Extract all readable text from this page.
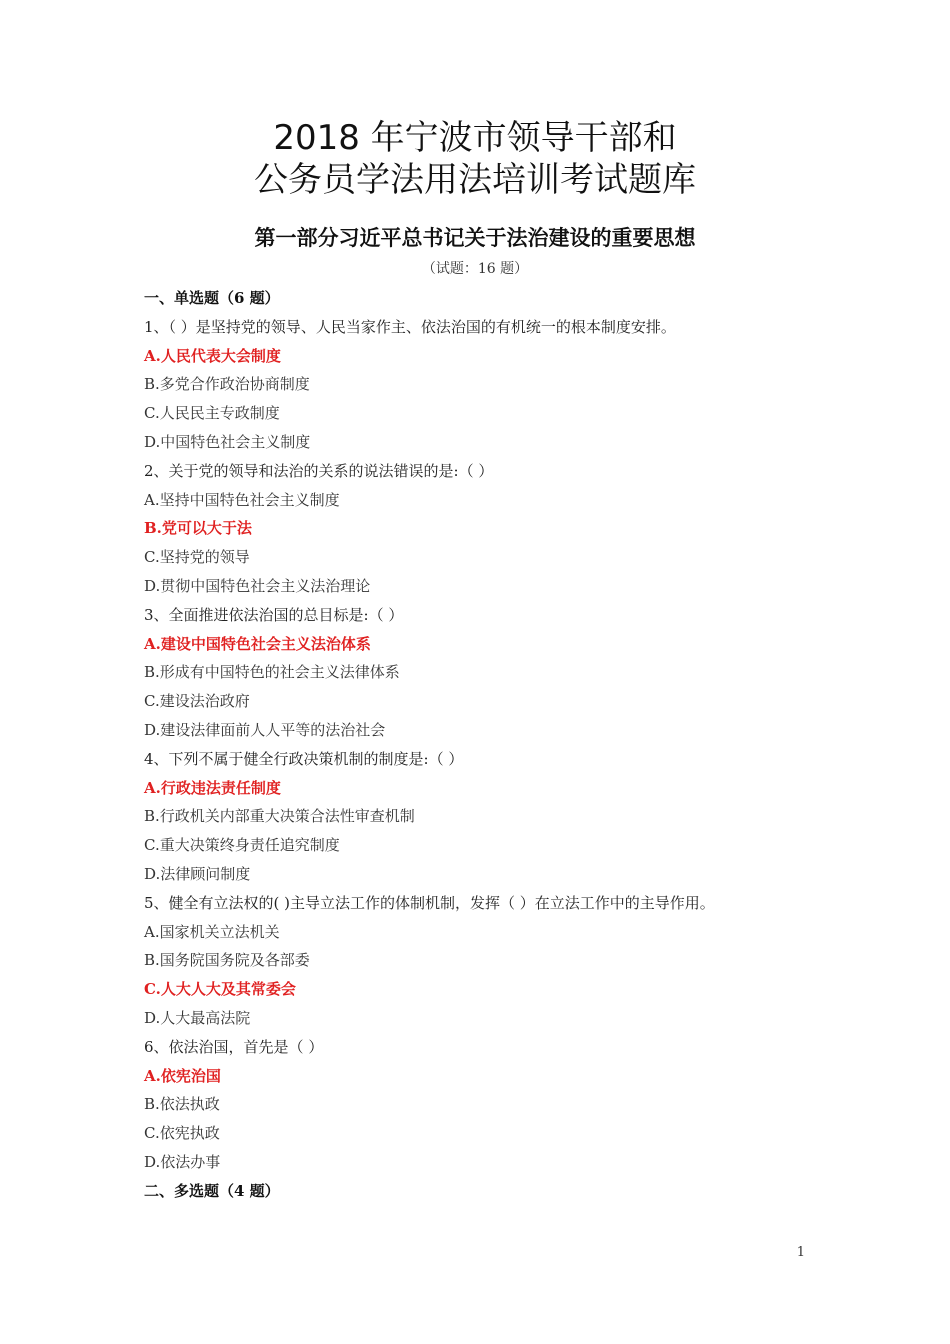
2018 年宁波市领导干部和
公务员学法用法培训考试题库
第一部分习近平总书记关于法治建设的重要思想
（试题：16 题）
一、单选题（6 题）
1、（ ）是坚持党的领导、人民当家作主、依法治国的有机统一的根本制度安排。
A.人民代表大会制度
B.多党合作政治协商制度
C.人民民主专政制度
D.中国特色社会主义制度
2、关于党的领导和法治的关系的说法错误的是:（ ）
A.坚持中国特色社会主义制度
B.党可以大于法
C.坚持党的领导
D.贯彻中国特色社会主义法治理论
3、全面推进依法治国的总目标是:（ ）
A.建设中国特色社会主义法治体系
B.形成有中国特色的社会主义法律体系
C.建设法治政府
D.建设法律面前人人平等的法治社会
4、下列不属于健全行政决策机制的制度是:（ ）
A.行政违法责任制度
B.行政机关内部重大决策合法性审查机制
C.重大决策终身责任追究制度
D.法律顾问制度
5、健全有立法权的( )主导立法工作的体制机制，发挥（ ）在立法工作中的主导作用。
A.国家机关立法机关
B.国务院国务院及各部委
C.人大人大及其常委会
D.人大最高法院
6、依法治国，首先是（ ）
A.依宪治国
B.依法执政
C.依宪执政
D.依法办事
二、多选题（4 题）
1
